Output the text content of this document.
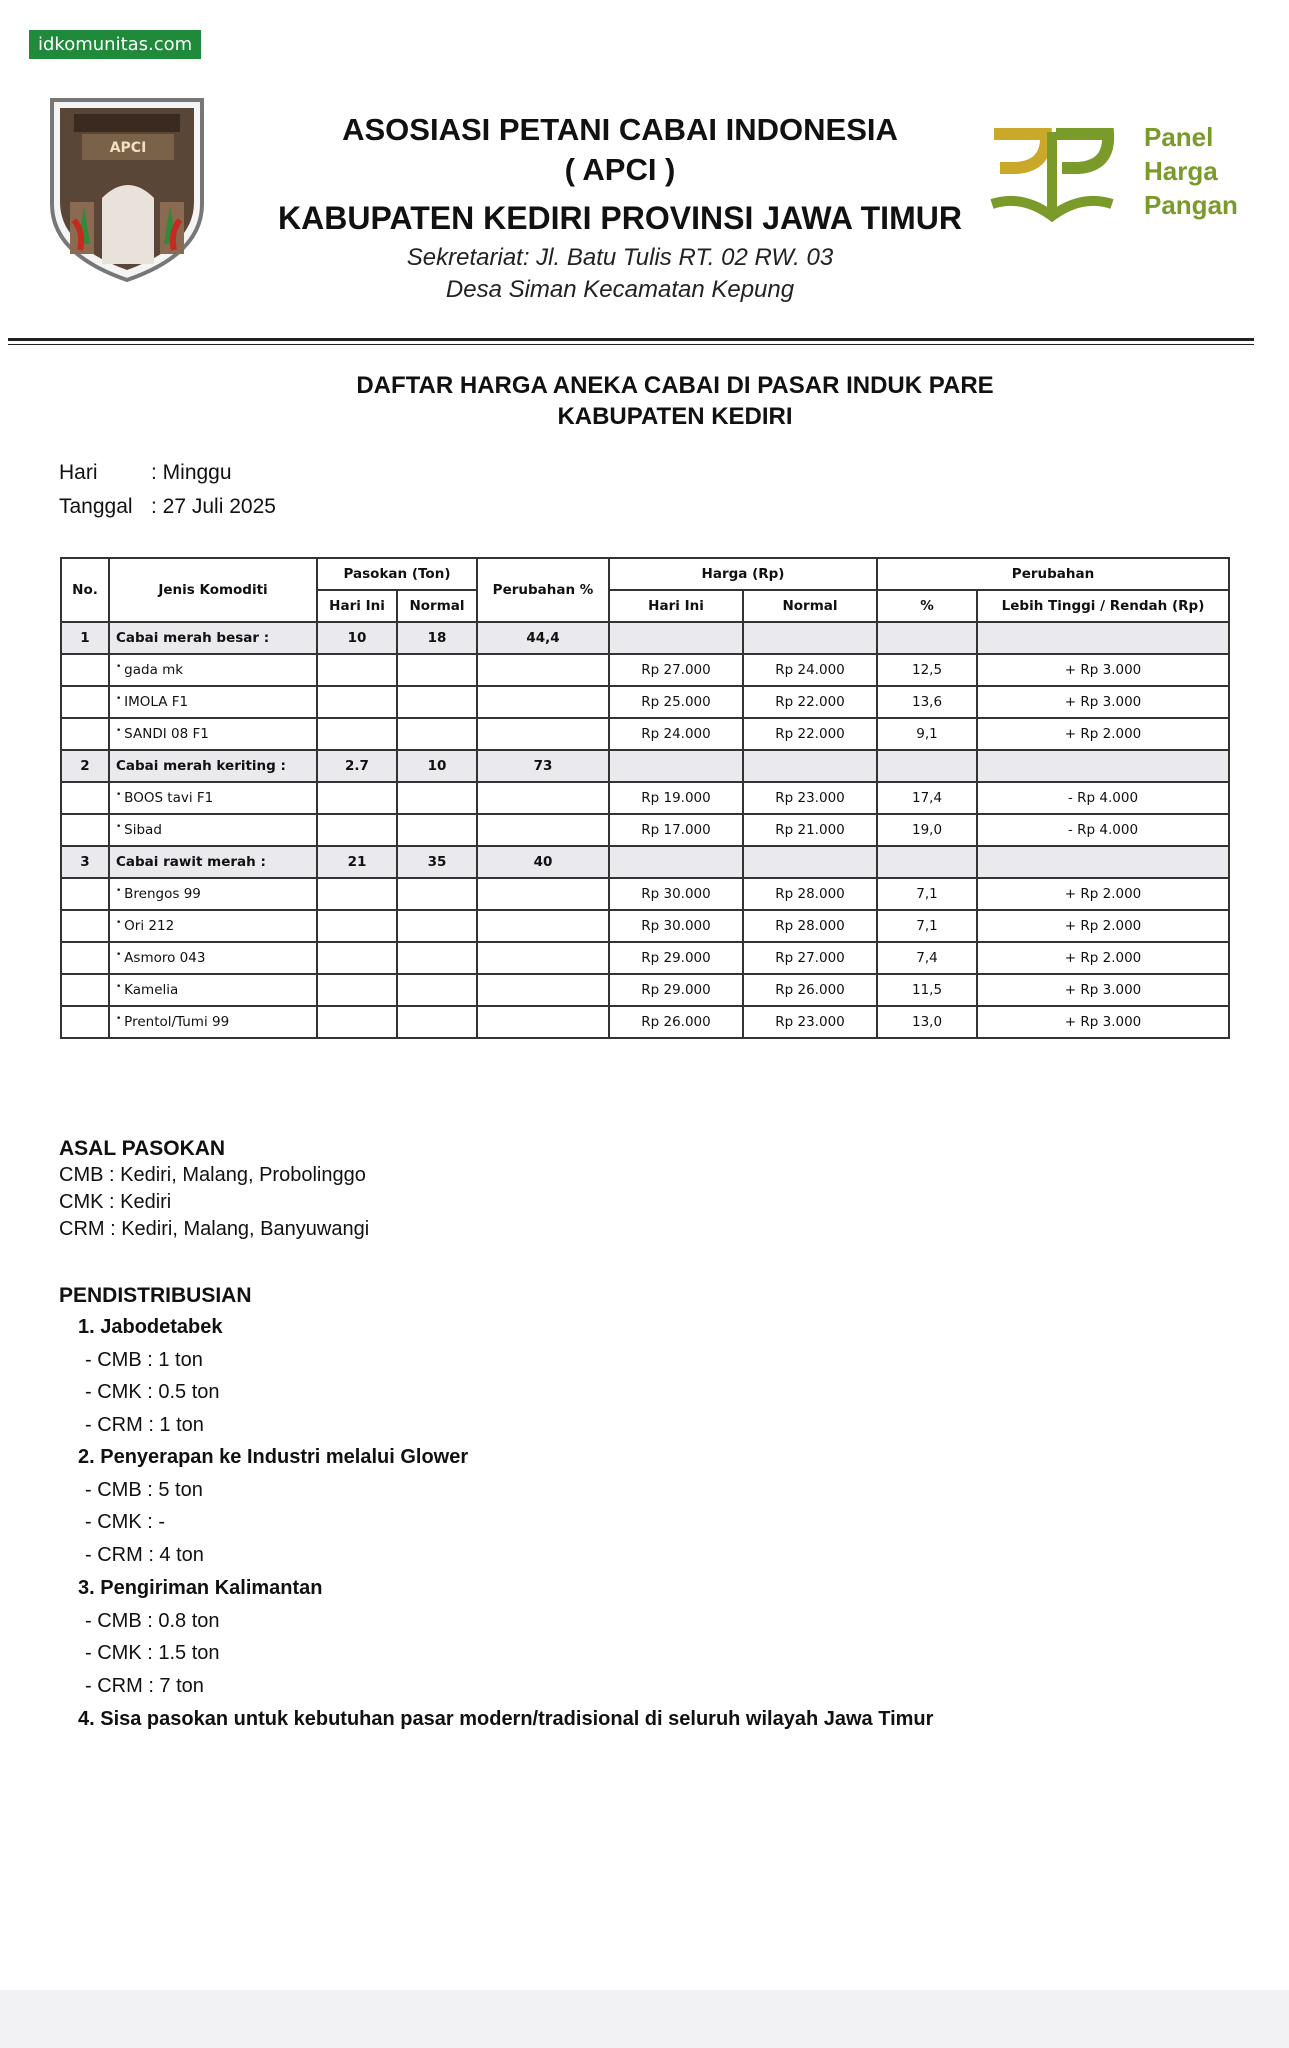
idkomunitas.com
APCI
ASOSIASI PETANI CABAI INDONESIA
( APCI )
KABUPATEN KEDIRI PROVINSI JAWA TIMUR
Sekretariat: Jl. Batu Tulis RT. 02 RW. 03
Desa Siman Kecamatan Kepung
Panel
Harga
Pangan
DAFTAR HARGA ANEKA CABAI DI PASAR INDUK PARE
KABUPATEN KEDIRI
Hari	: Minggu
Tanggal : 27 Juli 2025
No.	Jenis Komoditi	Pasokan (Ton)		Perubahan %	Harga (Rp)		Perubahan	
		Hari Ini	Normal		Hari Ini	Normal	%	Lebih Tinggi / Rendah (Rp)
1	Cabai merah besar :	10	18	44,4				
	• gada mk				Rp 27.000	Rp 24.000	12,5	+ Rp 3.000
	• IMOLA F1				Rp 25.000	Rp 22.000	13,6	+ Rp 3.000
	• SANDI 08 F1				Rp 24.000	Rp 22.000	9,1	+ Rp 2.000
2	Cabai merah keriting :	2.7	10	73				
	• BOOS tavi F1				Rp 19.000	Rp 23.000	17,4	- Rp 4.000
	• Sibad				Rp 17.000	Rp 21.000	19,0	- Rp 4.000
3	Cabai rawit merah :	21	35	40				
	• Brengos 99				Rp 30.000	Rp 28.000	7,1	+ Rp 2.000
	• Ori 212				Rp 30.000	Rp 28.000	7,1	+ Rp 2.000
	• Asmoro 043				Rp 29.000	Rp 27.000	7,4	+ Rp 2.000
	• Kamelia				Rp 29.000	Rp 26.000	11,5	+ Rp 3.000
	• Prentol/Tumi 99				Rp 26.000	Rp 23.000	13,0	+ Rp 3.000
ASAL PASOKAN
CMB : Kediri, Malang, Probolinggo
CMK : Kediri
CRM : Kediri, Malang, Banyuwangi
PENDISTRIBUSIAN
1. Jabodetabek
- CMB : 1 ton
- CMK : 0.5 ton
- CRM : 1 ton
2. Penyerapan ke Industri melalui Glower
- CMB : 5 ton
- CMK : -
- CRM : 4 ton
3. Pengiriman Kalimantan
- CMB : 0.8 ton
- CMK : 1.5 ton
- CRM : 7 ton
4. Sisa pasokan untuk kebutuhan pasar modern/tradisional di seluruh wilayah Jawa Timur
